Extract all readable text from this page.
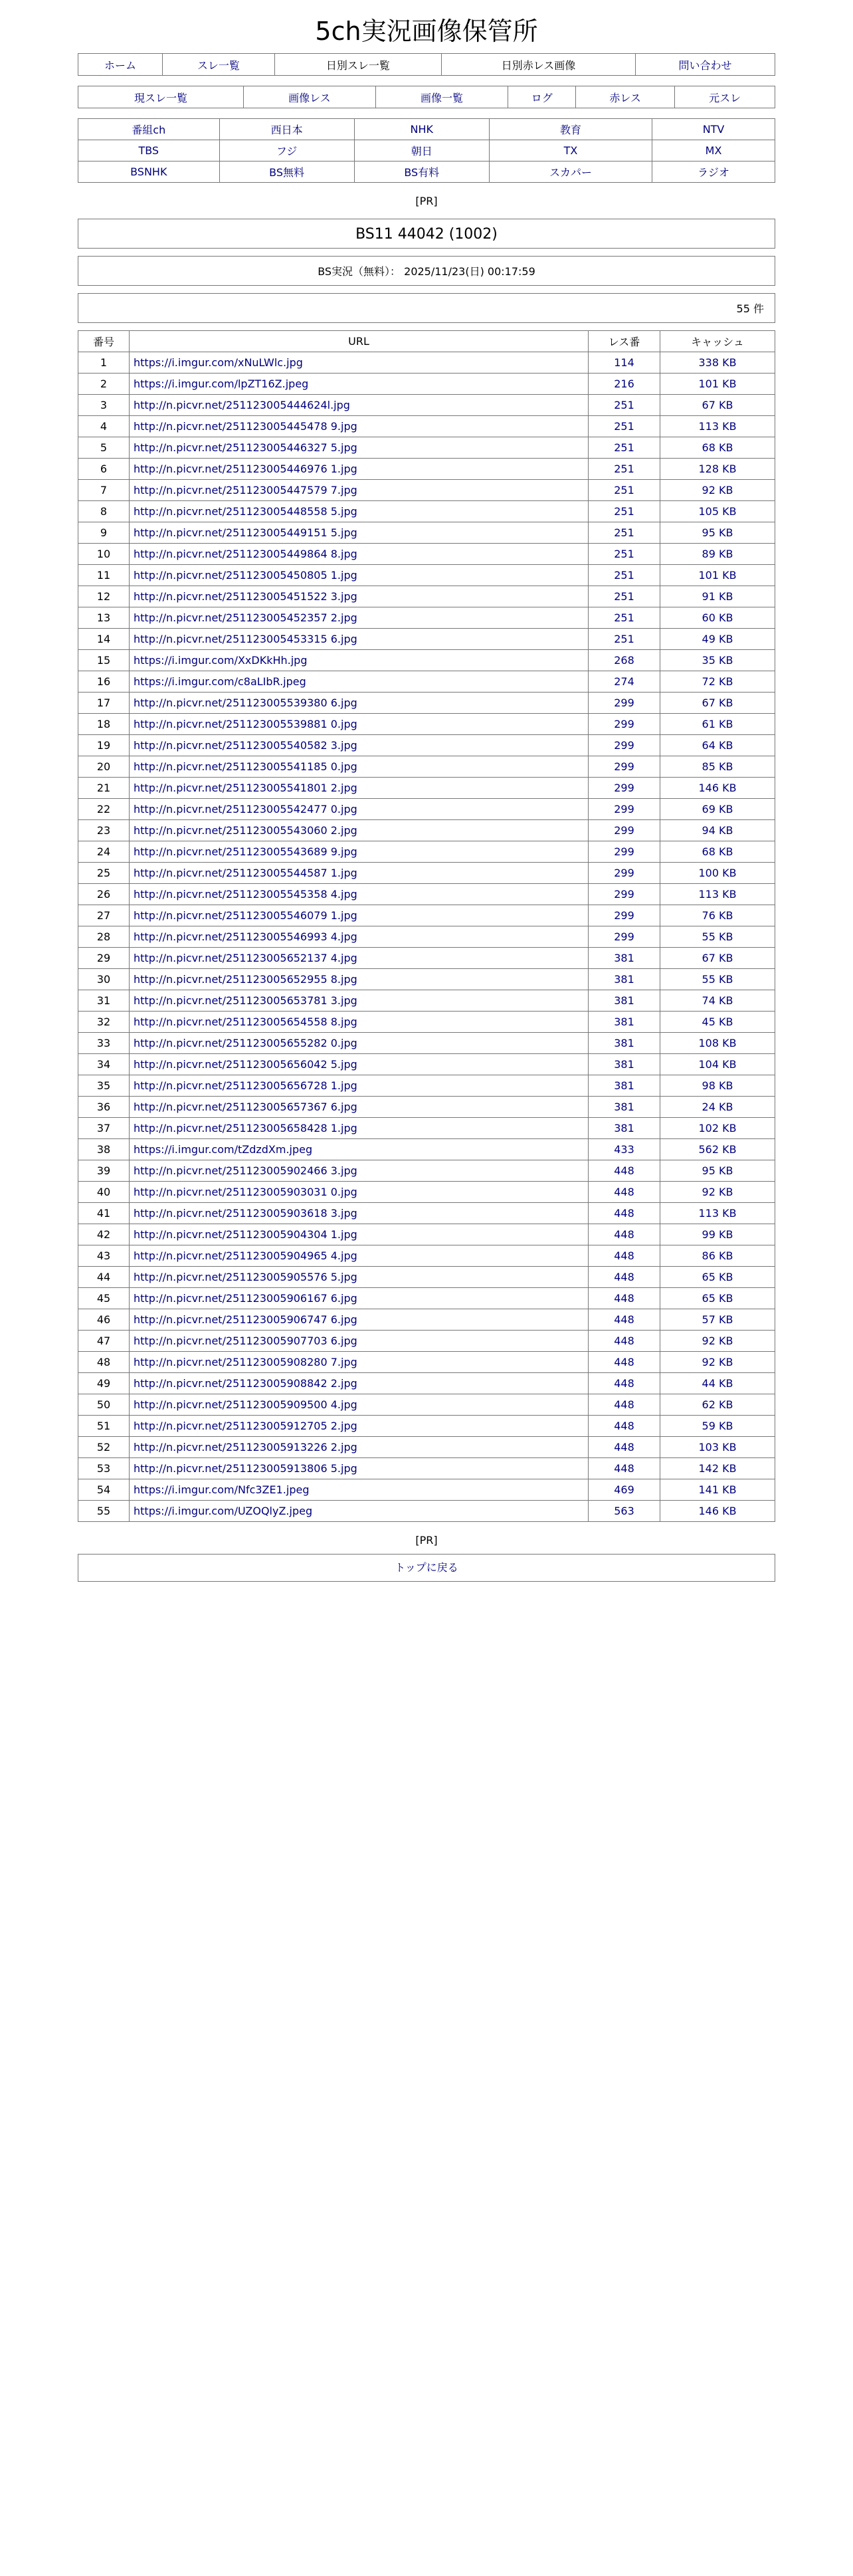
5ch実況画像保管所
ホーム	スレ一覧	日別スレ一覧	日別赤レス画像	問い合わせ
現スレ一覧	画像レス	画像一覧	ログ	赤レス	元スレ
番組ch	西日本	NHK	教育	NTV
TBS	フジ	朝日	TX	MX
BSNHK	BS無料	BS有料	スカパー	ラジオ
[PR]
BS11 44042 (1002)
BS実況（無料）： 2025/11/23(日) 00:17:59
55 件
番号	URL	レス番	キャッシュ
1	https://i.imgur.com/xNuLWlc.jpg	114	338 KB
2	https://i.imgur.com/lpZT16Z.jpeg	216	101 KB
3	http://n.picvr.net/251123005444624l.jpg	251	67 KB
4	http://n.picvr.net/251123005445478 9.jpg	251	113 KB
5	http://n.picvr.net/251123005446327 5.jpg	251	68 KB
6	http://n.picvr.net/251123005446976 1.jpg	251	128 KB
7	http://n.picvr.net/251123005447579 7.jpg	251	92 KB
8	http://n.picvr.net/251123005448558 5.jpg	251	105 KB
9	http://n.picvr.net/251123005449151 5.jpg	251	95 KB
10	http://n.picvr.net/251123005449864 8.jpg	251	89 KB
11	http://n.picvr.net/251123005450805 1.jpg	251	101 KB
12	http://n.picvr.net/251123005451522 3.jpg	251	91 KB
13	http://n.picvr.net/251123005452357 2.jpg	251	60 KB
14	http://n.picvr.net/251123005453315 6.jpg	251	49 KB
15	https://i.imgur.com/XxDKkHh.jpg	268	35 KB
16	https://i.imgur.com/c8aLIbR.jpeg	274	72 KB
17	http://n.picvr.net/251123005539380 6.jpg	299	67 KB
18	http://n.picvr.net/251123005539881 0.jpg	299	61 KB
19	http://n.picvr.net/251123005540582 3.jpg	299	64 KB
20	http://n.picvr.net/251123005541185 0.jpg	299	85 KB
21	http://n.picvr.net/251123005541801 2.jpg	299	146 KB
22	http://n.picvr.net/251123005542477 0.jpg	299	69 KB
23	http://n.picvr.net/251123005543060 2.jpg	299	94 KB
24	http://n.picvr.net/251123005543689 9.jpg	299	68 KB
25	http://n.picvr.net/251123005544587 1.jpg	299	100 KB
26	http://n.picvr.net/251123005545358 4.jpg	299	113 KB
27	http://n.picvr.net/251123005546079 1.jpg	299	76 KB
28	http://n.picvr.net/251123005546993 4.jpg	299	55 KB
29	http://n.picvr.net/251123005652137 4.jpg	381	67 KB
30	http://n.picvr.net/251123005652955 8.jpg	381	55 KB
31	http://n.picvr.net/251123005653781 3.jpg	381	74 KB
32	http://n.picvr.net/251123005654558 8.jpg	381	45 KB
33	http://n.picvr.net/251123005655282 0.jpg	381	108 KB
34	http://n.picvr.net/251123005656042 5.jpg	381	104 KB
35	http://n.picvr.net/251123005656728 1.jpg	381	98 KB
36	http://n.picvr.net/251123005657367 6.jpg	381	24 KB
37	http://n.picvr.net/251123005658428 1.jpg	381	102 KB
38	https://i.imgur.com/tZdzdXm.jpeg	433	562 KB
39	http://n.picvr.net/251123005902466 3.jpg	448	95 KB
40	http://n.picvr.net/251123005903031 0.jpg	448	92 KB
41	http://n.picvr.net/251123005903618 3.jpg	448	113 KB
42	http://n.picvr.net/251123005904304 1.jpg	448	99 KB
43	http://n.picvr.net/251123005904965 4.jpg	448	86 KB
44	http://n.picvr.net/251123005905576 5.jpg	448	65 KB
45	http://n.picvr.net/251123005906167 6.jpg	448	65 KB
46	http://n.picvr.net/251123005906747 6.jpg	448	57 KB
47	http://n.picvr.net/251123005907703 6.jpg	448	92 KB
48	http://n.picvr.net/251123005908280 7.jpg	448	92 KB
49	http://n.picvr.net/251123005908842 2.jpg	448	44 KB
50	http://n.picvr.net/251123005909500 4.jpg	448	62 KB
51	http://n.picvr.net/251123005912705 2.jpg	448	59 KB
52	http://n.picvr.net/251123005913226 2.jpg	448	103 KB
53	http://n.picvr.net/251123005913806 5.jpg	448	142 KB
54	https://i.imgur.com/Nfc3ZE1.jpeg	469	141 KB
55	https://i.imgur.com/UZOQlyZ.jpeg	563	146 KB
[PR]
トップに戻る
